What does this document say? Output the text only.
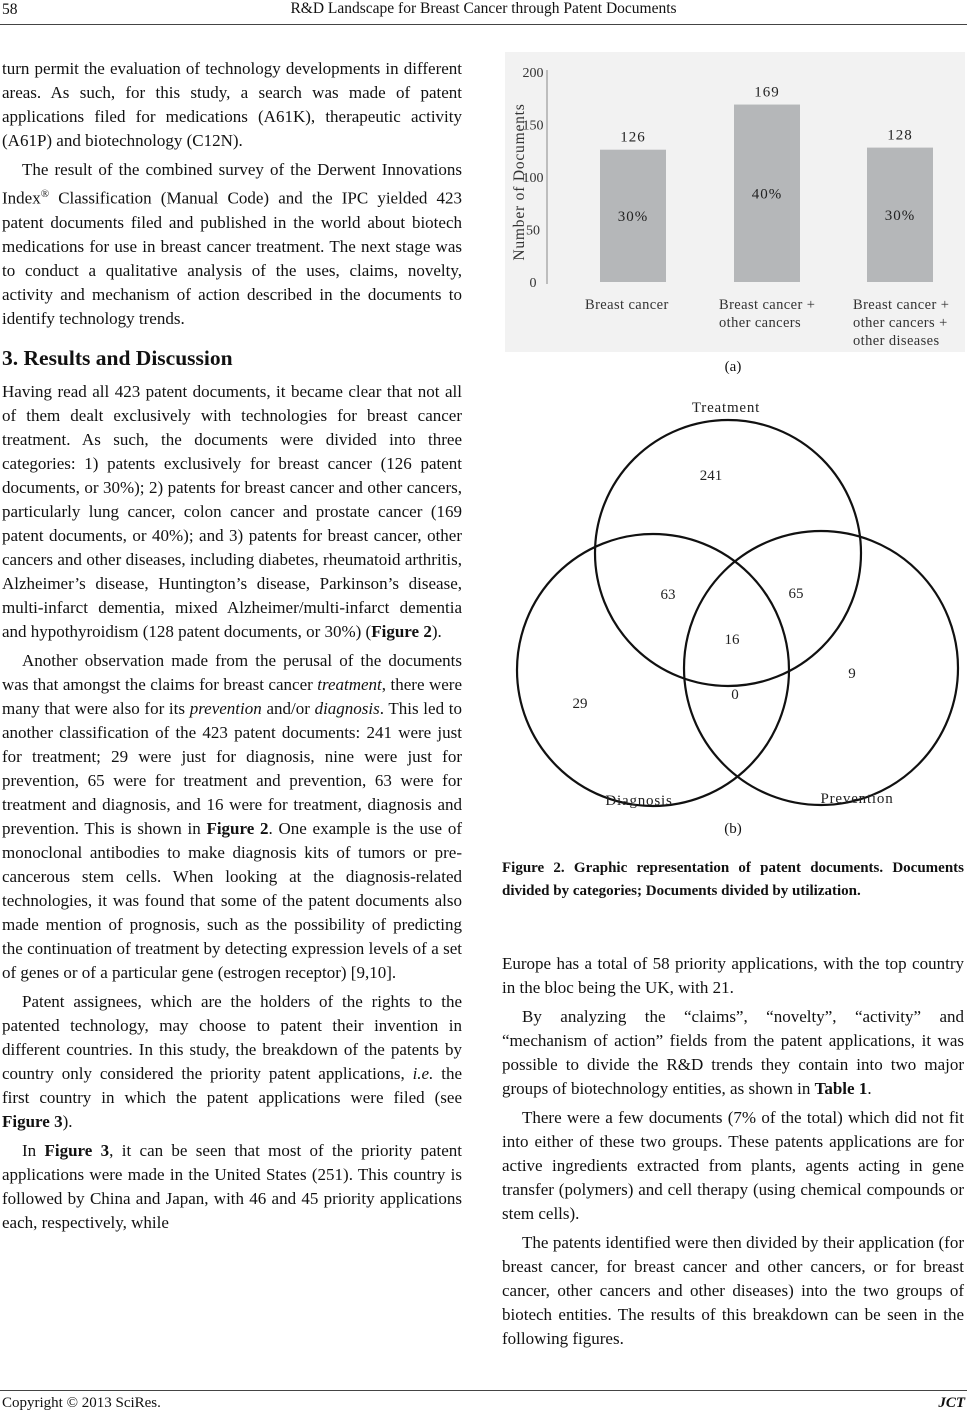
58	R&D Landscape for Breast Cancer through Patent Documents

turn permit the evaluation of technology developments in different areas. As such, for this study, a search was made of patent applications filed for medications (A61K), therapeutic activity (A61P) and biotechnology (C12N).

The result of the combined survey of the Derwent Innovations Index® Classification (Manual Code) and the IPC yielded 423 patent documents filed and published in the world about biotech medications for use in breast cancer treatment. The next stage was to conduct a qualitative analysis of the uses, claims, novelty, activity and mechanism of action described in the documents to identify technology trends.

3. Results and Discussion

Having read all 423 patent documents, it became clear that not all of them dealt exclusively with technologies for breast cancer treatment. As such, the documents were divided into three categories: 1) patents exclusively for breast cancer (126 patent documents, or 30%); 2) patents for breast cancer and other cancers, particularly lung cancer, colon cancer and prostate cancer (169 patent documents, or 40%); and 3) patents for breast cancer, other cancers and other diseases, including diabetes, rheumatoid arthritis, Alzheimer’s disease, Huntington’s disease, Parkinson’s disease, multi-infarct dementia, mixed Alzheimer/multi-infarct dementia and hypothyroidism (128 patent documents, or 30%) (Figure 2).

Another observation made from the perusal of the documents was that amongst the claims for breast cancer treatment, there were many that were also for its prevention and/or diagnosis. This led to another classification of the 423 patent documents: 241 were just for treatment; 29 were just for diagnosis, nine were just for prevention, 65 were for treatment and prevention, 63 were for treatment and diagnosis, and 16 were for treatment, diagnosis and prevention. This is shown in Figure 2. One example is the use of monoclonal antibodies to make diagnosis kits of tumors or pre-cancerous stem cells. When looking at the diagnosis-related technologies, it was found that some of the patent documents also made mention of prognosis, such as the possibility of predicting the continuation of treatment by detecting expression levels of a set of genes or of a particular gene (estrogen receptor) [9,10].

Patent assignees, which are the holders of the rights to the patented technology, may choose to patent their invention in different countries. In this study, the breakdown of the patents by country only considered the priority patent applications, i.e. the first country in which the patent applications were filed (see Figure 3).

In Figure 3, it can be seen that most of the priority patent applications were made in the United States (251). This country is followed by China and Japan, with 46 and 45 priority applications each, respectively, while

Number of Documents
0
50
100
150
200
126
30%
169
40%
128
30%
Breast cancer	Breast cancer +
other cancers
Breast cancer +
other cancers +
other diseases
(a)
Treatment
Diagnosis	Prevention
241
63	65
16
0
29
9
(b)
Figure 2. Graphic representation of patent documents. Documents divided by categories; Documents divided by utilization.

Europe has a total of 58 priority applications, with the top country in the bloc being the UK, with 21.

By analyzing the “claims”, “novelty”, “activity” and “mechanism of action” fields from the patent applications, it was possible to divide the R&D trends they contain into two major groups of biotechnology entities, as shown in Table 1.

There were a few documents (7% of the total) which did not fit into either of these two groups. These patents applications are for active ingredients extracted from plants, agents acting in gene transfer (polymers) and cell therapy (using chemical compounds or stem cells).

The patents identified were then divided by their application (for breast cancer, for breast cancer and other cancers, or for breast cancer, other cancers and other diseases) into the two groups of biotech entities. The results of this breakdown can be seen in the following figures.

Copyright © 2013 SciRes.	JCT
